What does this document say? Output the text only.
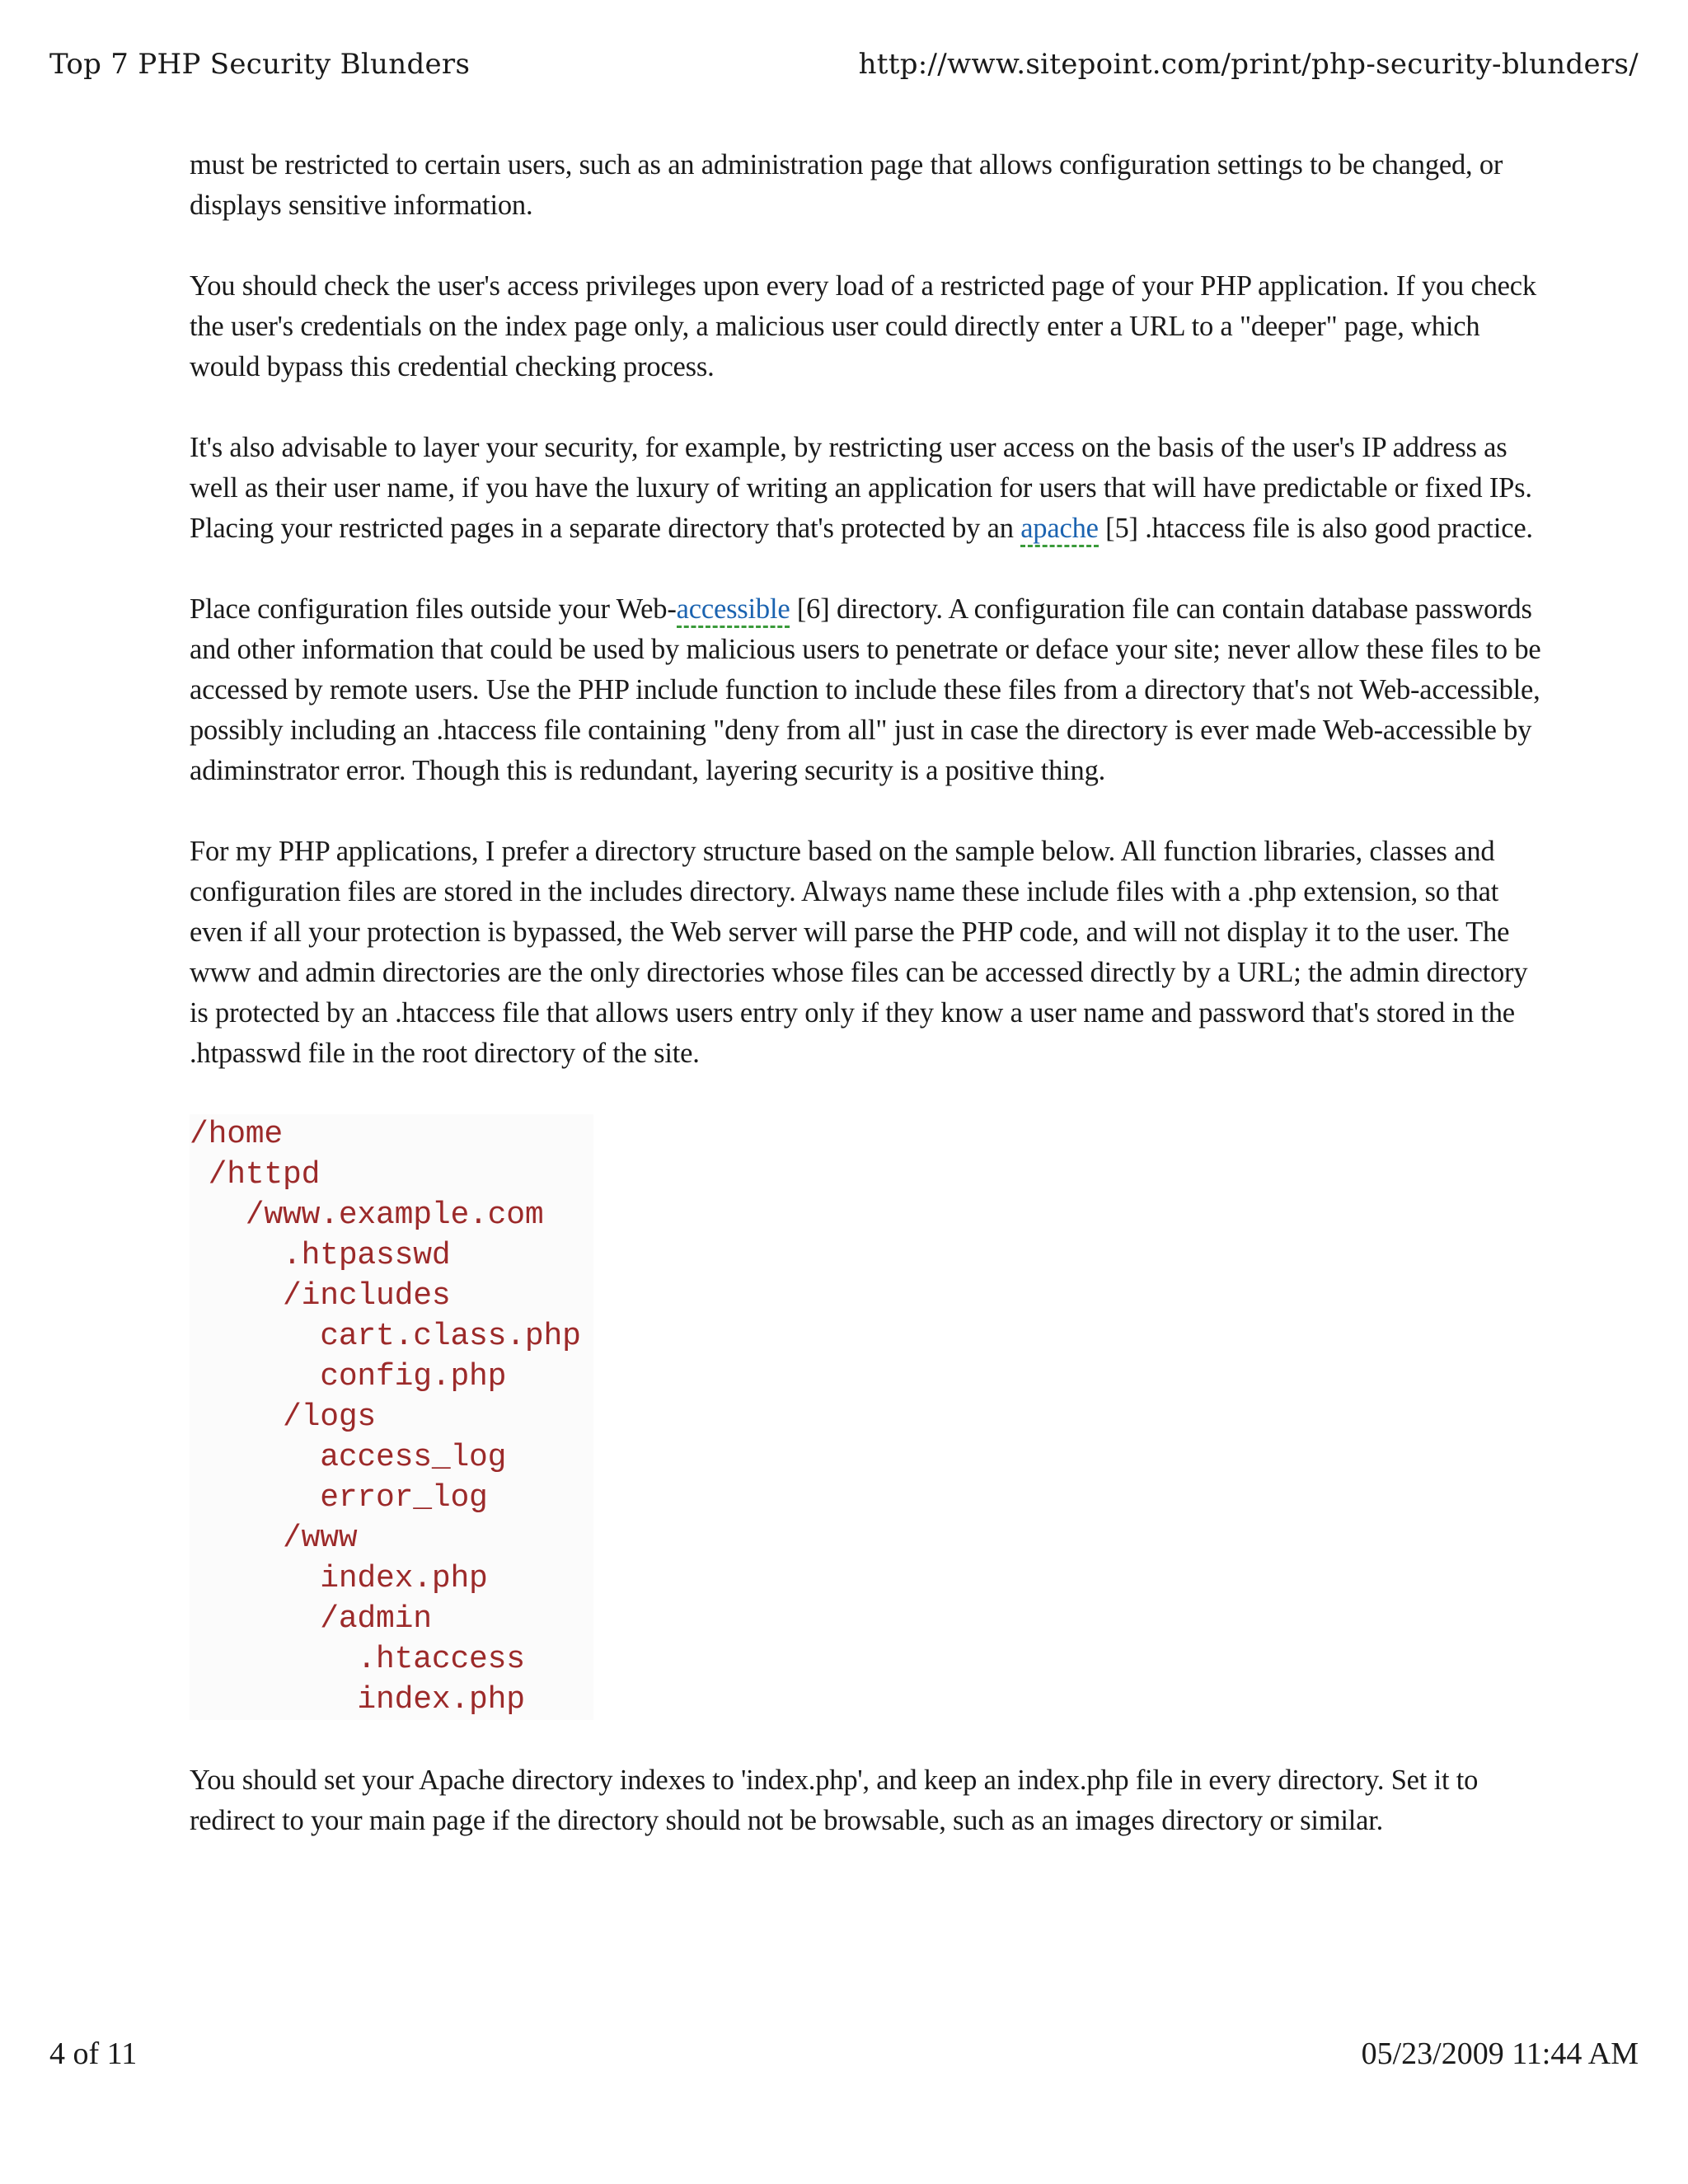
Top 7 PHP Security Blunders	http://www.sitepoint.com/print/php-security-blunders/

must be restricted to certain users, such as an administration page that allows configuration settings to be changed, or displays sensitive information.

You should check the user's access privileges upon every load of a restricted page of your PHP application. If you check the user's credentials on the index page only, a malicious user could directly enter a URL to a "deeper" page, which would bypass this credential checking process.

It's also advisable to layer your security, for example, by restricting user access on the basis of the user's IP address as well as their user name, if you have the luxury of writing an application for users that will have predictable or fixed IPs. Placing your restricted pages in a separate directory that's protected by an apache [5] .htaccess file is also good practice.

Place configuration files outside your Web-accessible [6] directory. A configuration file can contain database passwords and other information that could be used by malicious users to penetrate or deface your site; never allow these files to be accessed by remote users. Use the PHP include function to include these files from a directory that's not Web-accessible, possibly including an .htaccess file containing "deny from all" just in case the directory is ever made Web-accessible by adiminstrator error. Though this is redundant, layering security is a positive thing.

For my PHP applications, I prefer a directory structure based on the sample below. All function libraries, classes and configuration files are stored in the includes directory. Always name these include files with a .php extension, so that even if all your protection is bypassed, the Web server will parse the PHP code, and will not display it to the user. The www and admin directories are the only directories whose files can be accessed directly by a URL; the admin directory is protected by an .htaccess file that allows users entry only if they know a user name and password that's stored in the .htpasswd file in the root directory of the site.

/home
/httpd
/www.example.com
.htpasswd
/includes
cart.class.php
config.php
/logs
access_log
error_log
/www
index.php
/admin
.htaccess
index.php

You should set your Apache directory indexes to 'index.php', and keep an index.php file in every directory. Set it to redirect to your main page if the directory should not be browsable, such as an images directory or similar.

4 of 11	05/23/2009 11:44 AM
